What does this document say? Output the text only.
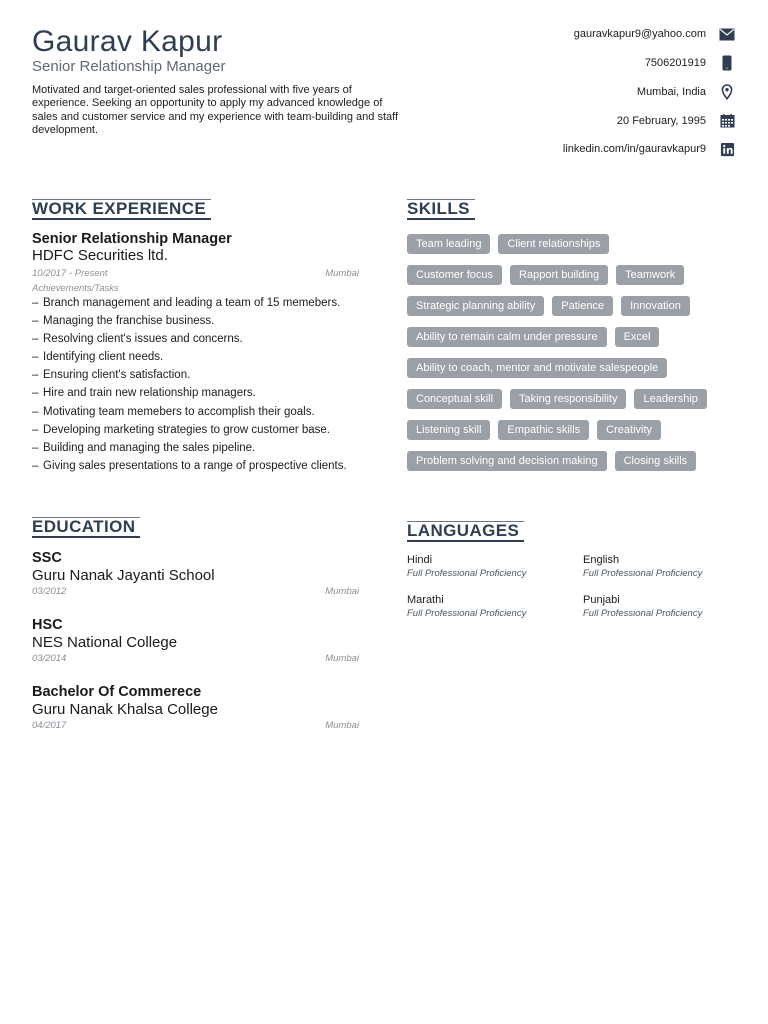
Gaurav Kapur
Senior Relationship Manager
Motivated and target-oriented sales professional with five years of experience. Seeking an opportunity to apply my advanced knowledge of sales and customer service and my experience with team-building and staff development.
gauravkapur9@yahoo.com
7506201919
Mumbai, India
20 February, 1995
linkedin.com/in/gauravkapur9
WORK EXPERIENCE
Senior Relationship Manager
HDFC Securities ltd.
10/2017 - Present	Mumbai
Achievements/Tasks
– Branch management and leading a team of 15 memebers.
– Managing the franchise business.
– Resolving client's issues and concerns.
– Identifying client needs.
– Ensuring client's satisfaction.
– Hire and train new relationship managers.
– Motivating team memebers to accomplish their goals.
– Developing marketing strategies to grow customer base.
– Building and managing the sales pipeline.
– Giving sales presentations to a range of prospective clients.
EDUCATION
SSC
Guru Nanak Jayanti School
03/2012	Mumbai
HSC
NES National College
03/2014	Mumbai
Bachelor Of Commerece
Guru Nanak Khalsa College
04/2017	Mumbai
SKILLS
Team leading	Client relationships
Customer focus	Rapport building	Teamwork
Strategic planning ability	Patience	Innovation
Ability to remain calm under pressure	Excel
Ability to coach, mentor and motivate salespeople
Conceptual skill	Taking responsibility	Leadership
Listening skill	Empathic skills	Creativity
Problem solving and decision making	Closing skills
LANGUAGES
Hindi
Full Professional Proficiency
English
Full Professional Proficiency
Marathi
Full Professional Proficiency
Punjabi
Full Professional Proficiency
